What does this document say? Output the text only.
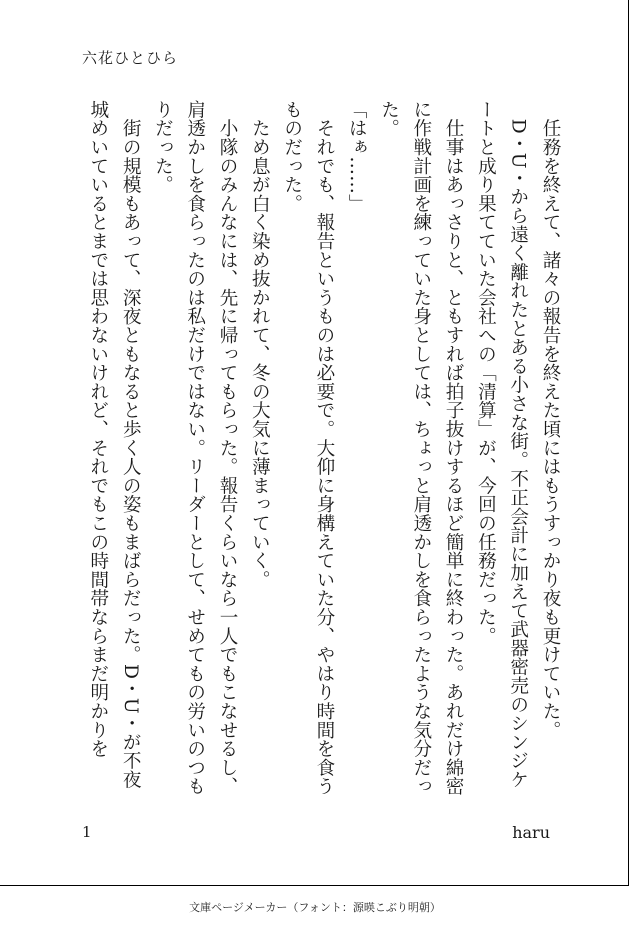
六花ひとひら

　任務を終えて、諸々の報告を終えた頃にはもうすっかり夜も更けていた。

　D・U・から遠く離れたとある小さな街。不正会計に加えて武器密売のシンジケートと成り果てていた会社への「清算」が、今回の任務だった。

　仕事はあっさりと、ともすれば拍子抜けするほど簡単に終わった。あれだけ綿密に作戦計画を練っていた身としては、ちょっと肩透かしを食らったような気分だった。

「はぁ……」

　それでも、報告というものは必要で。大仰に身構えていた分、やはり時間を食うものだった。

　ため息が白く染め抜かれて、冬の大気に薄まっていく。

　小隊のみんなには、先に帰ってもらった。報告くらいなら一人でもこなせるし、肩透かしを食らったのは私だけではない。リーダーとして、せめてもの労いのつもりだった。

　街の規模もあって、深夜ともなると歩く人の姿もまばらだった。D・U・が不夜城めいているとまでは思わないけれど、それでもこの時間帯ならまだ明かりを

1	haru
文庫ページメーカー（フォント：源暎こぶり明朝）
